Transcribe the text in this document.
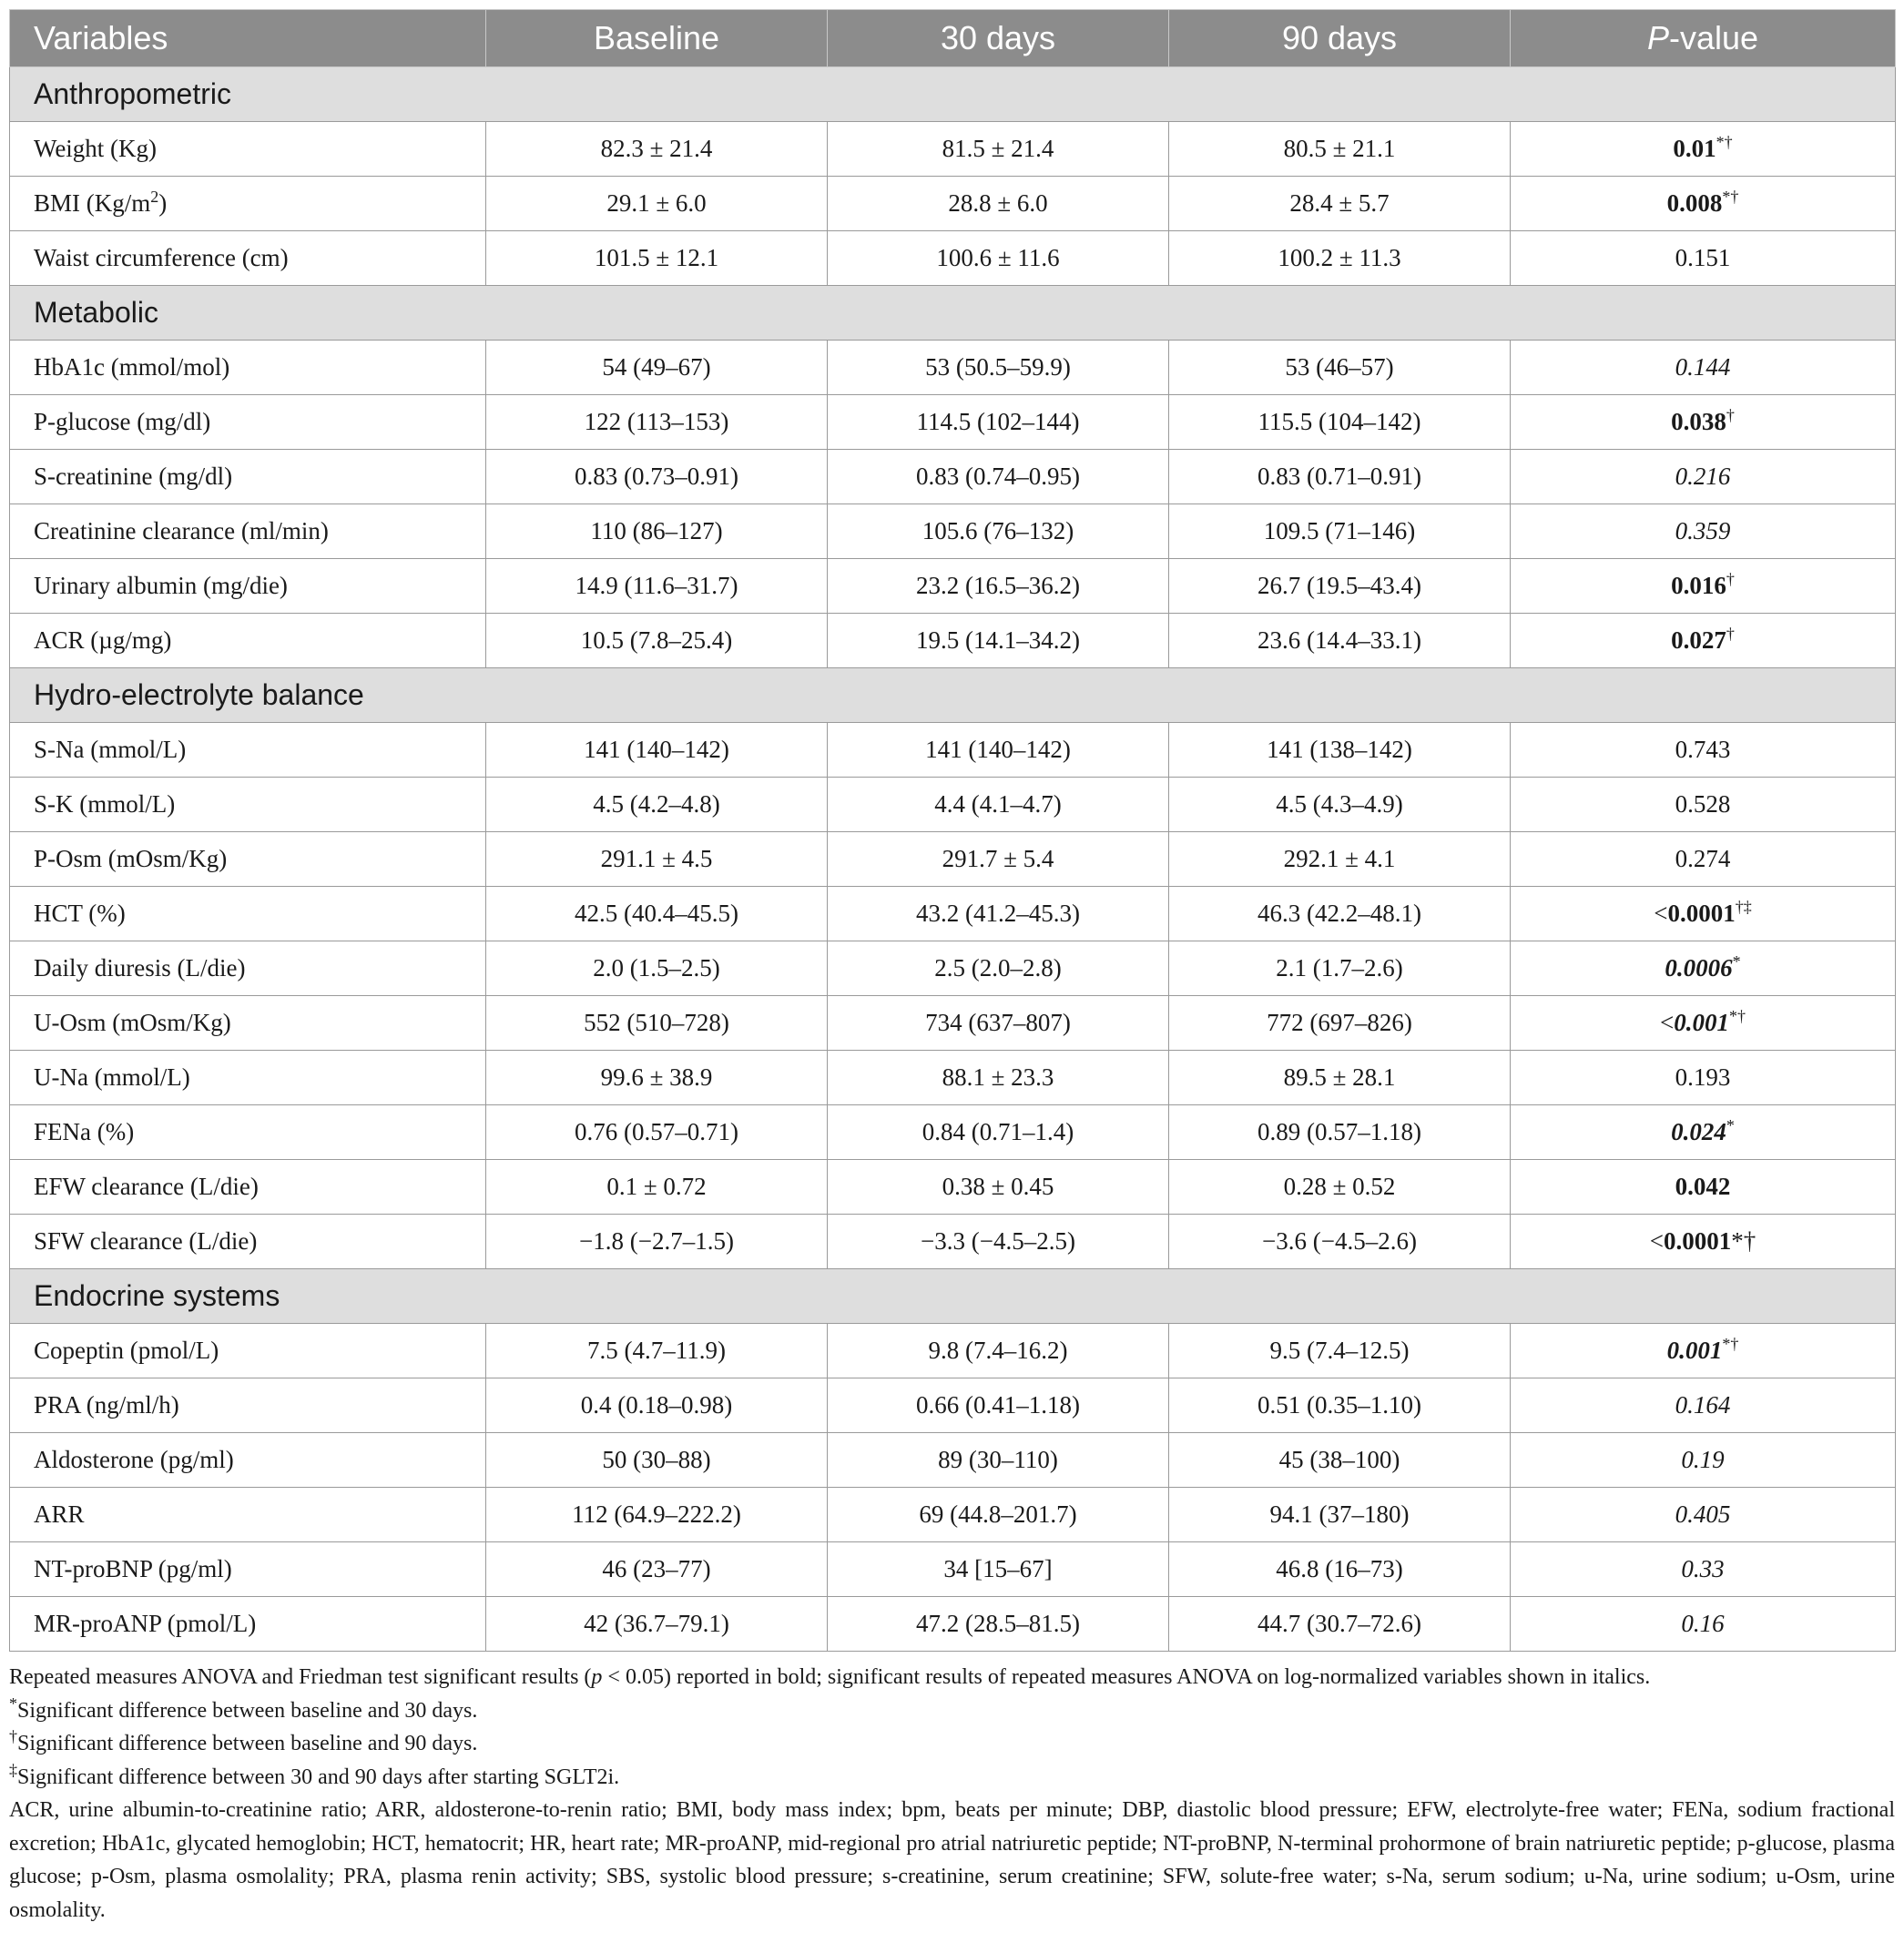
Variables	Baseline	30 days	90 days	P-value
Anthropometric				
Weight (Kg)	82.3 ± 21.4	81.5 ± 21.4	80.5 ± 21.1	0.01*†
BMI $(Kg/m^2)$	29.1 ± 6.0	28.8 ± 6.0	28.4 ± 5.7	0.008*†
Waist circumference (cm)	101.5 ± 12.1	100.6 ± 11.6	100.2 ± 11.3	0.151
Metabolic				
HbA1c (mmol/mol)	54 (49–67)	53 (50.5–59.9)	53 (46–57)	0.144
P-glucose (mg/dl)	122 (113–153)	114.5 (102–144)	115.5 (104–142)	0.038†
S-creatinine (mg/dl)	0.83 (0.73–0.91)	0.83 (0.74–0.95)	0.83 (0.71–0.91)	0.216
Creatinine clearance (ml/min)	110 (86–127)	105.6 (76–132)	109.5 (71–146)	0.359
Urinary albumin (mg/die)	14.9 (11.6–31.7)	23.2 (16.5–36.2)	26.7 (19.5–43.4)	0.016†
ACR (µg/mg)	10.5 (7.8–25.4)	19.5 (14.1–34.2)	23.6 (14.4–33.1)	0.027†
Hydro-electrolyte balance				
S-Na (mmol/L)	141 (140–142)	141 (140–142)	141 (138–142)	0.743
S-K (mmol/L)	4.5 (4.2–4.8)	4.4 (4.1–4.7)	4.5 (4.3–4.9)	0.528
P-Osm (mOsm/Kg)	291.1 ± 4.5	291.7 ± 5.4	292.1 ± 4.1	0.274
HCT (%)	42.5 (40.4–45.5)	43.2 (41.2–45.3)	46.3 (42.2–48.1)	<0.0001†‡
Daily diuresis (L/die)	2.0 (1.5–2.5)	2.5 (2.0–2.8)	2.1 (1.7–2.6)	0.0006*
U-Osm (mOsm/Kg)	552 (510–728)	734 (637–807)	772 (697–826)	<0.001*†
U-Na (mmol/L)	99.6 ± 38.9	88.1 ± 23.3	89.5 ± 28.1	0.193
FENa (%)	0.76 (0.57–0.71)	0.84 (0.71–1.4)	0.89 (0.57–1.18)	0.024*
EFW clearance (L/die)	0.1 ± 0.72	0.38 ± 0.45	0.28 ± 0.52	0.042
SFW clearance (L/die)	−1.8 (−2.7–1.5)	−3.3 (−4.5–2.5)	−3.6 (−4.5–2.6)	<0.0001*†
Endocrine systems				
Copeptin (pmol/L)	7.5 (4.7–11.9)	9.8 (7.4–16.2)	9.5 (7.4–12.5)	0.001*†
PRA (ng/ml/h)	0.4 (0.18–0.98)	0.66 (0.41–1.18)	0.51 (0.35–1.10)	0.164
Aldosterone (pg/ml)	50 (30–88)	89 (30–110)	45 (38–100)	0.19
ARR	112 (64.9–222.2)	69 (44.8–201.7)	94.1 (37–180)	0.405
NT-proBNP (pg/ml)	46 (23–77)	34 [15–67]	46.8 (16–73)	0.33
MR-proANP (pmol/L)	42 (36.7–79.1)	47.2 (28.5–81.5)	44.7 (30.7–72.6)	0.16

Repeated measures ANOVA and Friedman test significant results (p < 0.05) reported in bold; significant results of repeated measures ANOVA on log-normalized variables shown in italics.

*Significant difference between baseline and 30 days.

†Significant difference between baseline and 90 days.

‡Significant difference between 30 and 90 days after starting SGLT2i.

ACR, urine albumin-to-creatinine ratio; ARR, aldosterone-to-renin ratio; BMI, body mass index; bpm, beats per minute; DBP, diastolic blood pressure; EFW, electrolyte-free water; FENa, sodium fractional excretion; HbA1c, glycated hemoglobin; HCT, hematocrit; HR, heart rate; MR-proANP, mid-regional pro atrial natriuretic peptide; NT-proBNP, N-terminal prohormone of brain natriuretic peptide; p-glucose, plasma glucose; p-Osm, plasma osmolality; PRA, plasma renin activity; SBS, systolic blood pressure; s-creatinine, serum creatinine; SFW, solute-free water; s-Na, serum sodium; u-Na, urine sodium; u-Osm, urine osmolality.
